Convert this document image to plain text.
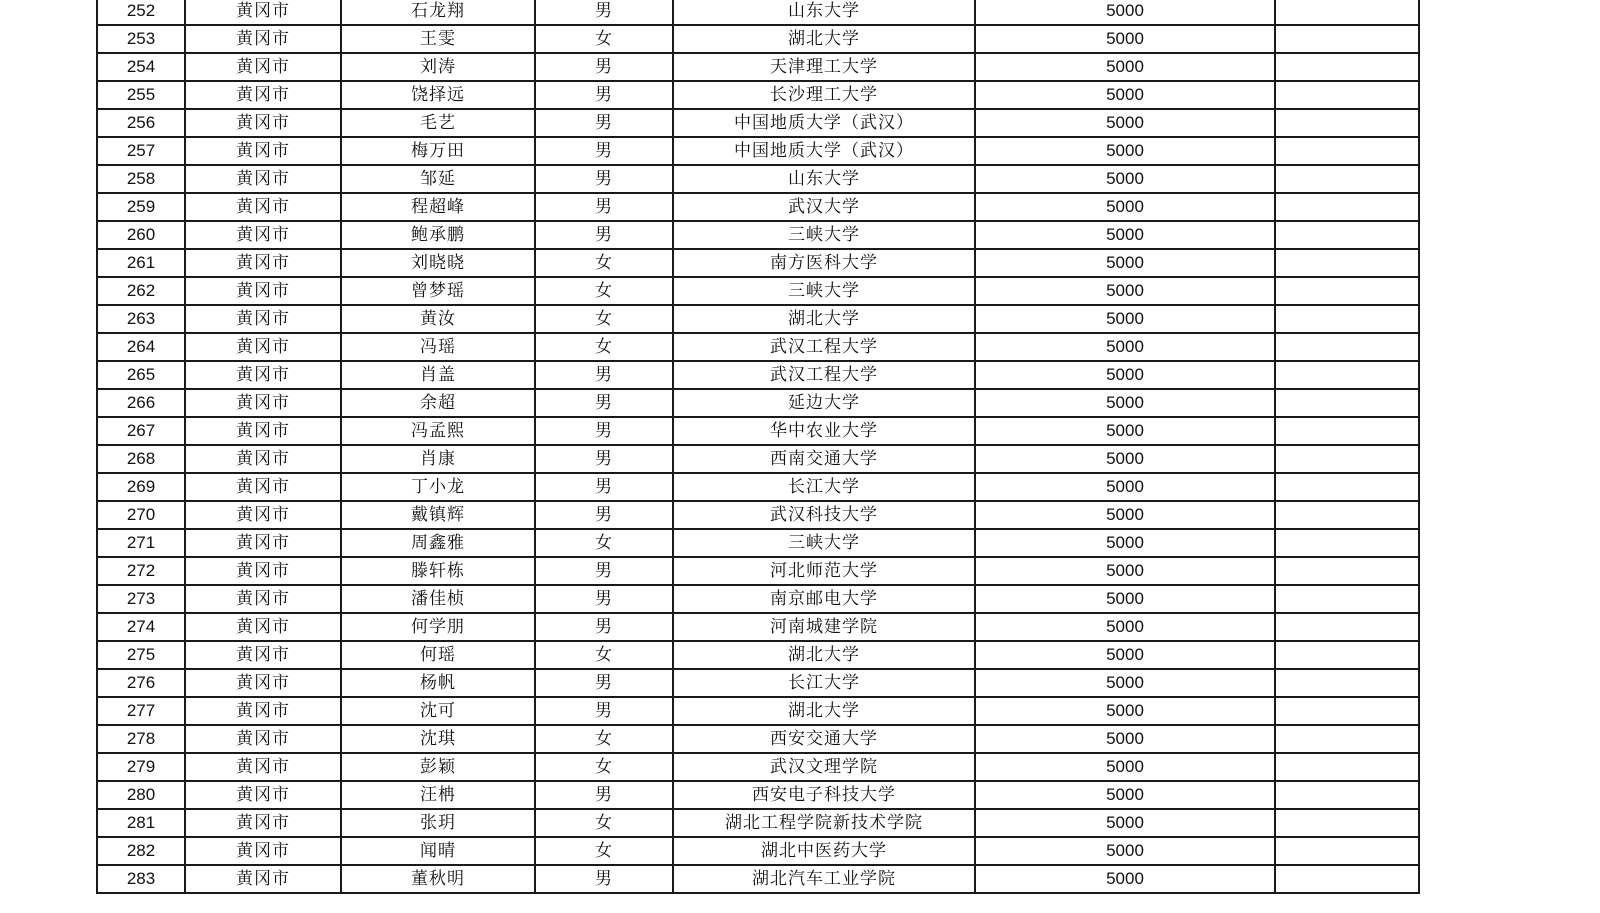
252	黄冈市	石龙翔	男	山东大学	5000	
253	黄冈市	王雯	女	湖北大学	5000	
254	黄冈市	刘涛	男	天津理工大学	5000	
255	黄冈市	饶择远	男	长沙理工大学	5000	
256	黄冈市	毛艺	男	中国地质大学（武汉）	5000	
257	黄冈市	梅万田	男	中国地质大学（武汉）	5000	
258	黄冈市	邹延	男	山东大学	5000	
259	黄冈市	程超峰	男	武汉大学	5000	
260	黄冈市	鲍承鹏	男	三峡大学	5000	
261	黄冈市	刘晓晓	女	南方医科大学	5000	
262	黄冈市	曾梦瑶	女	三峡大学	5000	
263	黄冈市	黄汝	女	湖北大学	5000	
264	黄冈市	冯瑶	女	武汉工程大学	5000	
265	黄冈市	肖盖	男	武汉工程大学	5000	
266	黄冈市	余超	男	延边大学	5000	
267	黄冈市	冯孟熙	男	华中农业大学	5000	
268	黄冈市	肖康	男	西南交通大学	5000	
269	黄冈市	丁小龙	男	长江大学	5000	
270	黄冈市	戴镇辉	男	武汉科技大学	5000	
271	黄冈市	周鑫雅	女	三峡大学	5000	
272	黄冈市	滕轩栋	男	河北师范大学	5000	
273	黄冈市	潘佳桢	男	南京邮电大学	5000	
274	黄冈市	何学朋	男	河南城建学院	5000	
275	黄冈市	何瑶	女	湖北大学	5000	
276	黄冈市	杨帆	男	长江大学	5000	
277	黄冈市	沈可	男	湖北大学	5000	
278	黄冈市	沈琪	女	西安交通大学	5000	
279	黄冈市	彭颖	女	武汉文理学院	5000	
280	黄冈市	汪柟	男	西安电子科技大学	5000	
281	黄冈市	张玥	女	湖北工程学院新技术学院	5000	
282	黄冈市	闻晴	女	湖北中医药大学	5000	
283	黄冈市	董秋明	男	湖北汽车工业学院	5000	
